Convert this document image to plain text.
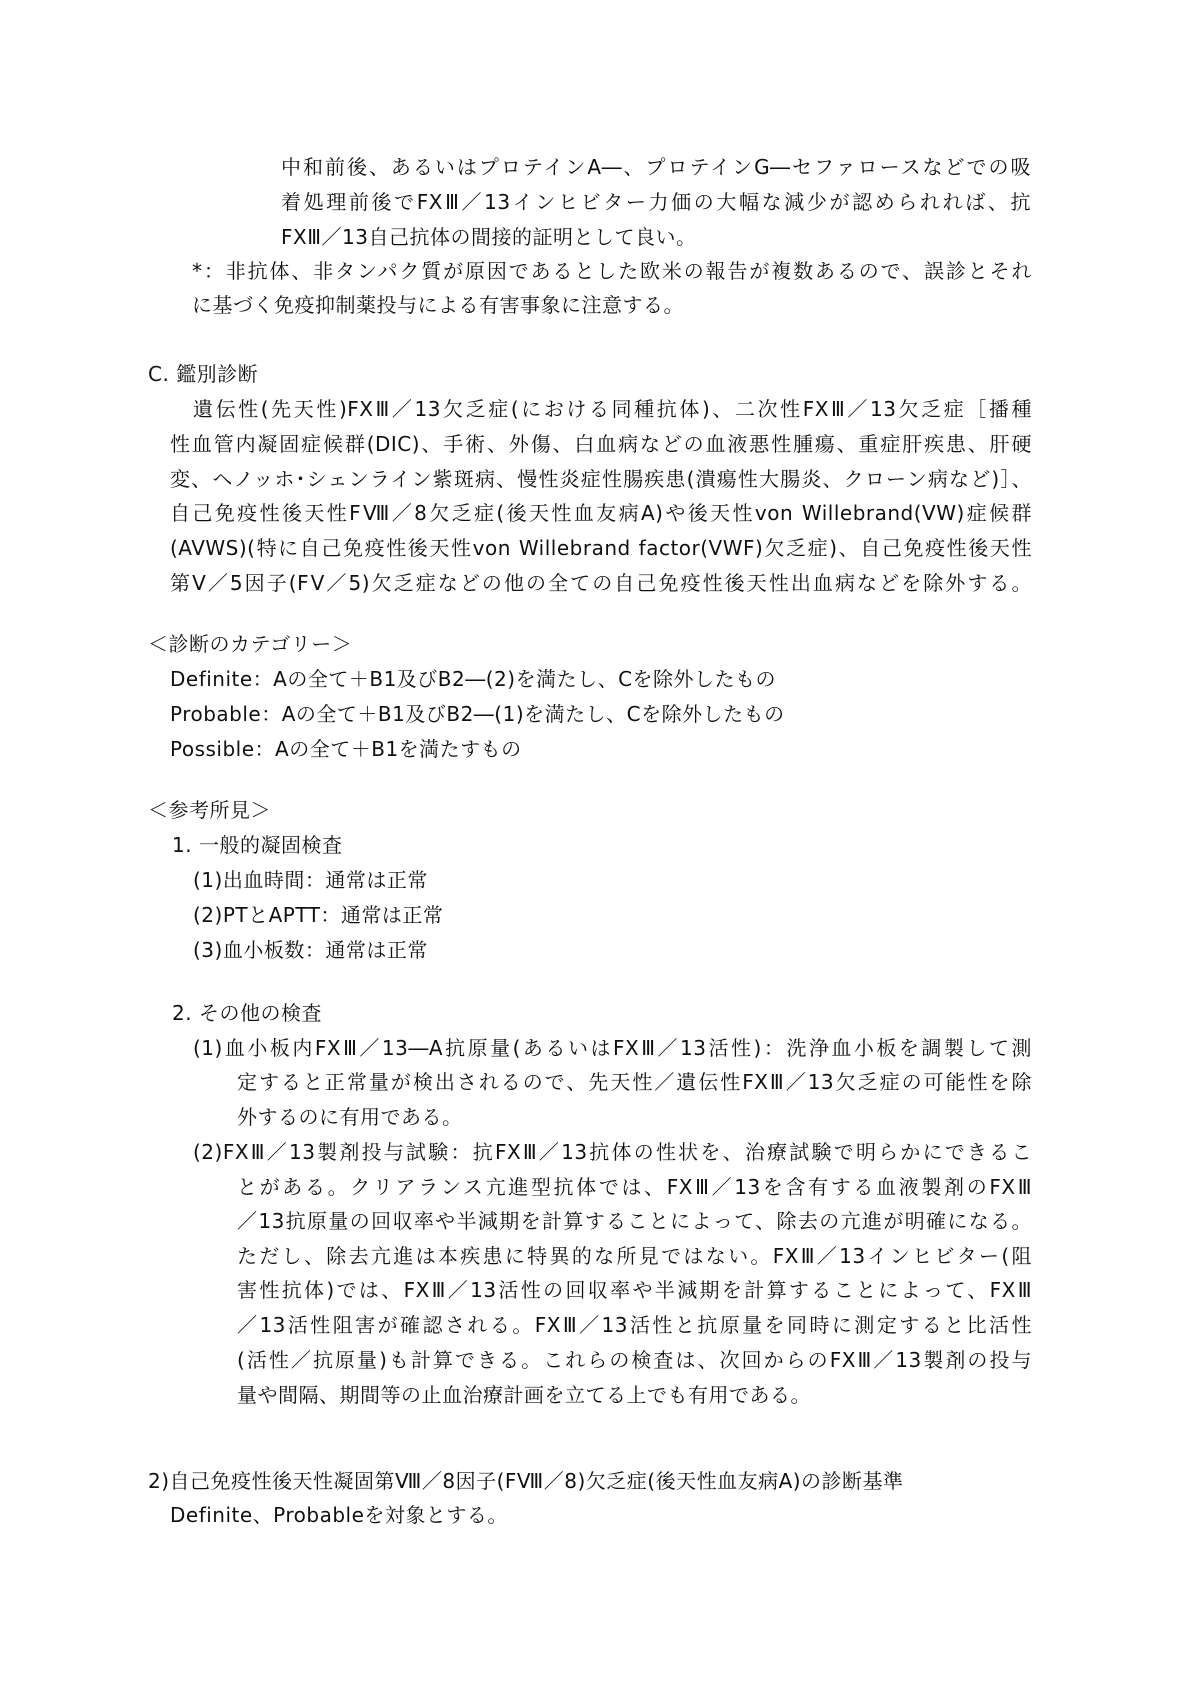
中和前後、あるいはプロテインA―、プロテインG―セファロースなどでの吸
着処理前後でFXⅢ／13インヒビター力価の大幅な減少が認められれば、抗
FXⅢ／13自己抗体の間接的証明として良い。
*：非抗体、非タンパク質が原因であるとした欧米の報告が複数あるので、誤診とそれ
に基づく免疫抑制薬投与による有害事象に注意する。
C. 鑑別診断
遺伝性(先天性)FXⅢ／13欠乏症(における同種抗体)、二次性FXⅢ／13欠乏症［播種
性血管内凝固症候群(DIC)、手術、外傷、白血病などの血液悪性腫瘍、重症肝疾患、肝硬
変、ヘノッホ･シェンライン紫斑病、慢性炎症性腸疾患(潰瘍性大腸炎、クローン病など)］、
自己免疫性後天性FⅧ／8欠乏症(後天性血友病A)や後天性von Willebrand(VW)症候群
(AVWS)(特に自己免疫性後天性von Willebrand factor(VWF)欠乏症)、自己免疫性後天性
第Ⅴ／5因子(FⅤ／5)欠乏症などの他の全ての自己免疫性後天性出血病などを除外する。
＜診断のカテゴリー＞
Definite：Aの全て＋B1及びB2―(2)を満たし、Cを除外したもの
Probable：Aの全て＋B1及びB2―(1)を満たし、Cを除外したもの
Possible：Aの全て＋B1を満たすもの
＜参考所見＞
1. 一般的凝固検査
(1)出血時間：通常は正常
(2)PTとAPTT：通常は正常
(3)血小板数：通常は正常
2. その他の検査
(1)血小板内FXⅢ／13―A抗原量(あるいはFXⅢ／13活性)：洗浄血小板を調製して測
定すると正常量が検出されるので、先天性／遺伝性FXⅢ／13欠乏症の可能性を除
外するのに有用である。
(2)FXⅢ／13製剤投与試験：抗FXⅢ／13抗体の性状を、治療試験で明らかにできるこ
とがある。クリアランス亢進型抗体では、FXⅢ／13を含有する血液製剤のFXⅢ
／13抗原量の回収率や半減期を計算することによって、除去の亢進が明確になる。
ただし、除去亢進は本疾患に特異的な所見ではない。FXⅢ／13インヒビター(阻
害性抗体)では、FXⅢ／13活性の回収率や半減期を計算することによって、FXⅢ
／13活性阻害が確認される。FXⅢ／13活性と抗原量を同時に測定すると比活性
(活性／抗原量)も計算できる。これらの検査は、次回からのFXⅢ／13製剤の投与
量や間隔、期間等の止血治療計画を立てる上でも有用である。
2)自己免疫性後天性凝固第Ⅷ／8因子(FⅧ／8)欠乏症(後天性血友病A)の診断基準
Definite、Probableを対象とする。
